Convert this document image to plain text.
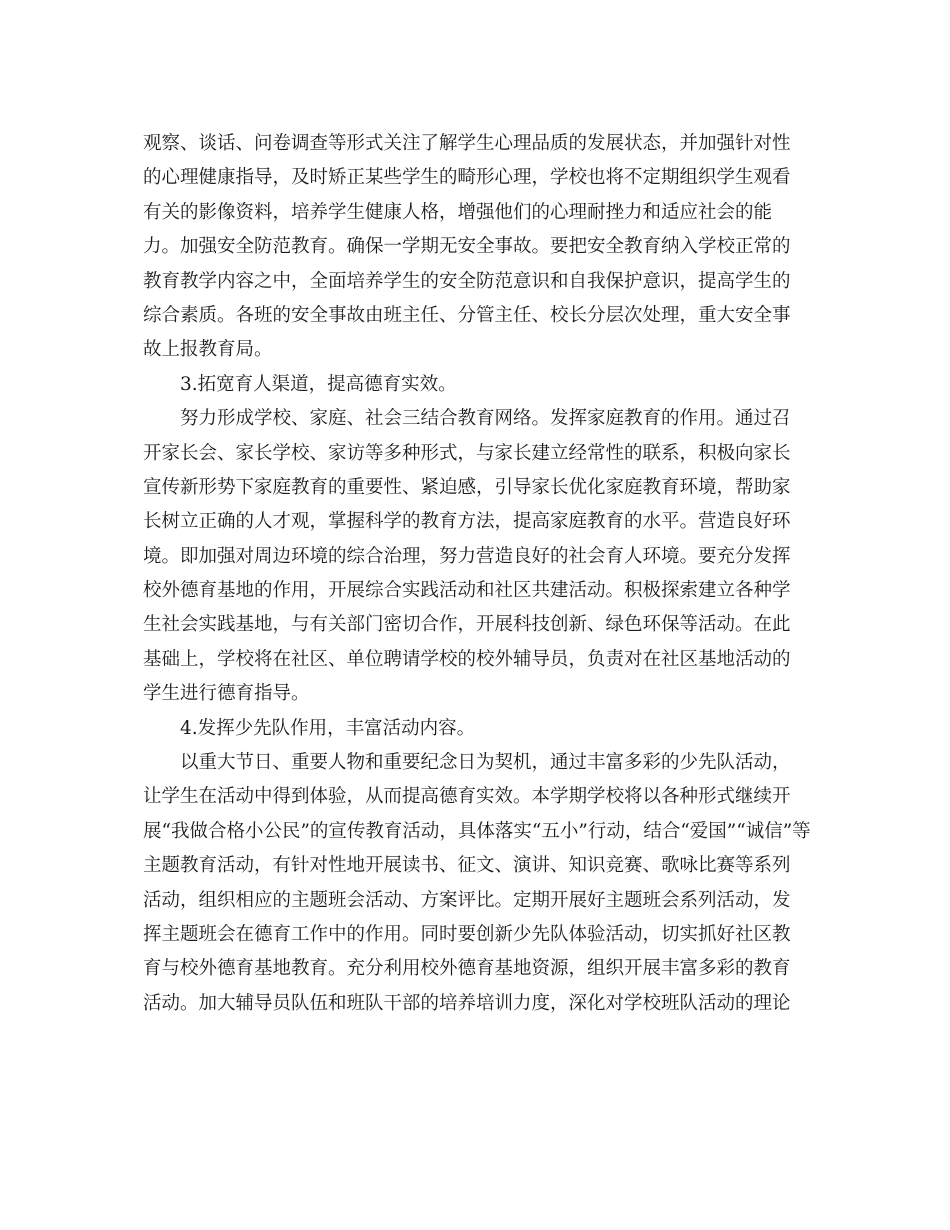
观察、谈话、问卷调查等形式关注了解学生心理品质的发展状态，并加强针对性
的心理健康指导，及时矫正某些学生的畸形心理，学校也将不定期组织学生观看
有关的影像资料，培养学生健康人格，增强他们的心理耐挫力和适应社会的能
力。加强安全防范教育。确保一学期无安全事故。要把安全教育纳入学校正常的
教育教学内容之中，全面培养学生的安全防范意识和自我保护意识，提高学生的
综合素质。各班的安全事故由班主任、分管主任、校长分层次处理，重大安全事
故上报教育局。
3.拓宽育人渠道，提高德育实效。
努力形成学校、家庭、社会三结合教育网络。发挥家庭教育的作用。通过召
开家长会、家长学校、家访等多种形式，与家长建立经常性的联系，积极向家长
宣传新形势下家庭教育的重要性、紧迫感，引导家长优化家庭教育环境，帮助家
长树立正确的人才观，掌握科学的教育方法，提高家庭教育的水平。营造良好环
境。即加强对周边环境的综合治理，努力营造良好的社会育人环境。要充分发挥
校外德育基地的作用，开展综合实践活动和社区共建活动。积极探索建立各种学
生社会实践基地，与有关部门密切合作，开展科技创新、绿色环保等活动。在此
基础上，学校将在社区、单位聘请学校的校外辅导员，负责对在社区基地活动的
学生进行德育指导。
4.发挥少先队作用，丰富活动内容。
以重大节日、重要人物和重要纪念日为契机，通过丰富多彩的少先队活动，
让学生在活动中得到体验，从而提高德育实效。本学期学校将以各种形式继续开
展“我做合格小公民”的宣传教育活动，具体落实“五小”行动，结合“爱国”“诚信”等
主题教育活动，有针对性地开展读书、征文、演讲、知识竞赛、歌咏比赛等系列
活动，组织相应的主题班会活动、方案评比。定期开展好主题班会系列活动，发
挥主题班会在德育工作中的作用。同时要创新少先队体验活动，切实抓好社区教
育与校外德育基地教育。充分利用校外德育基地资源，组织开展丰富多彩的教育
活动。加大辅导员队伍和班队干部的培养培训力度，深化对学校班队活动的理论
